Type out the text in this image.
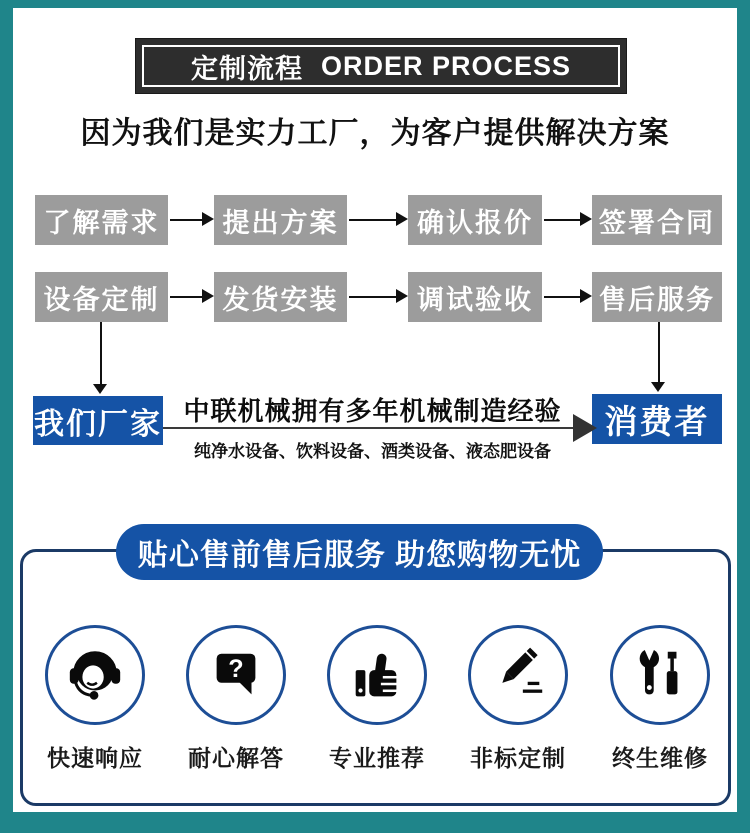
定制流程 ORDER PROCESS
因为我们是实力工厂，为客户提供解决方案
了解需求	提出方案	确认报价	签署合同
设备定制	发货安装	调试验收	售后服务
我们厂家	消费者
中联机械拥有多年机械制造经验
纯净水设备、饮料设备、酒类设备、液态肥设备
贴心售前售后服务 助您购物无忧
?
快速响应	耐心解答	专业推荐	非标定制	终生维修
